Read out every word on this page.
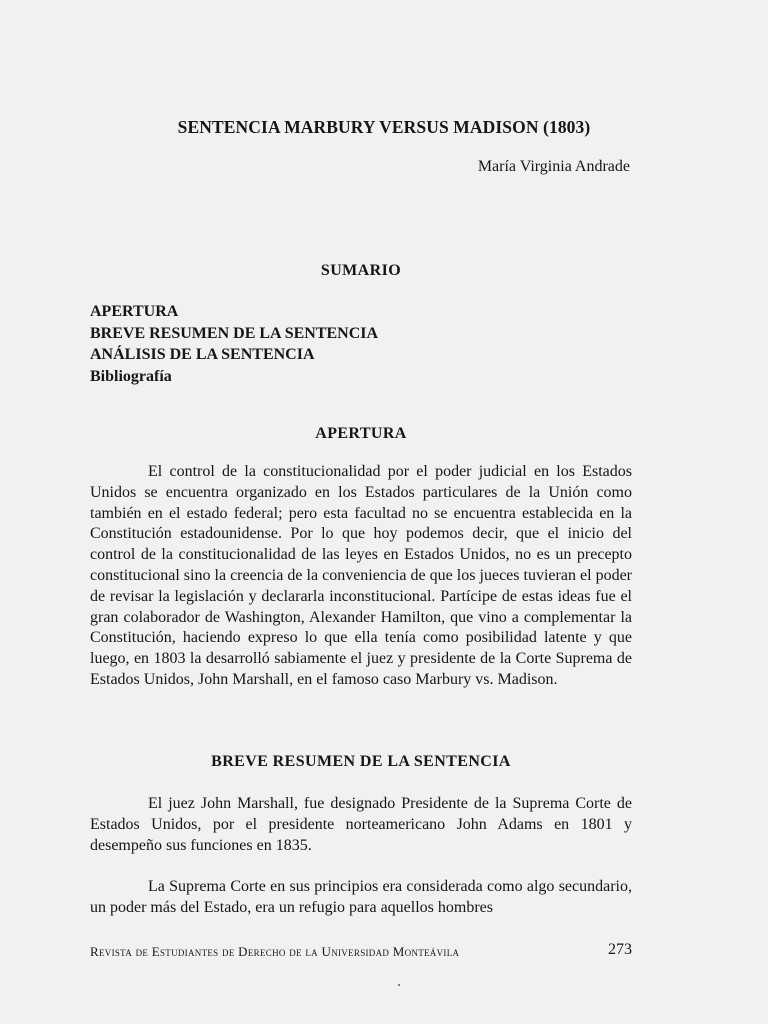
SENTENCIA MARBURY VERSUS MADISON (1803)
María Virginia Andrade
SUMARIO
APERTURA
BREVE RESUMEN DE LA SENTENCIA
ANÁLISIS DE LA SENTENCIA
Bibliografía
APERTURA

El control de la constitucionalidad por el poder judicial en los Estados Unidos se encuentra organizado en los Estados particulares de la Unión como también en el estado federal; pero esta facultad no se encuentra establecida en la Constitución estadounidense. Por lo que hoy podemos decir, que el inicio del control de la constitucionalidad de las leyes en Estados Unidos, no es un precepto constitucional sino la creencia de la conveniencia de que los jueces tuvieran el poder de revisar la legislación y declararla inconstitucional. Partícipe de estas ideas fue el gran colaborador de Washington, Alexander Hamilton, que vino a complementar la Constitución, haciendo expreso lo que ella tenía como posibilidad latente y que luego, en 1803 la desarrolló sabiamente el juez y presidente de la Corte Suprema de Estados Unidos, John Marshall, en el famoso caso Marbury vs. Madison.

BREVE RESUMEN DE LA SENTENCIA

El juez John Marshall, fue designado Presidente de la Suprema Corte de Estados Unidos, por el presidente norteamericano John Adams en 1801 y desempeño sus funciones en 1835.

La Suprema Corte en sus principios era considerada como algo secundario, un poder más del Estado, era un refugio para aquellos hombres

Revista de Estudiantes de Derecho de la Universidad Monteávila	273
